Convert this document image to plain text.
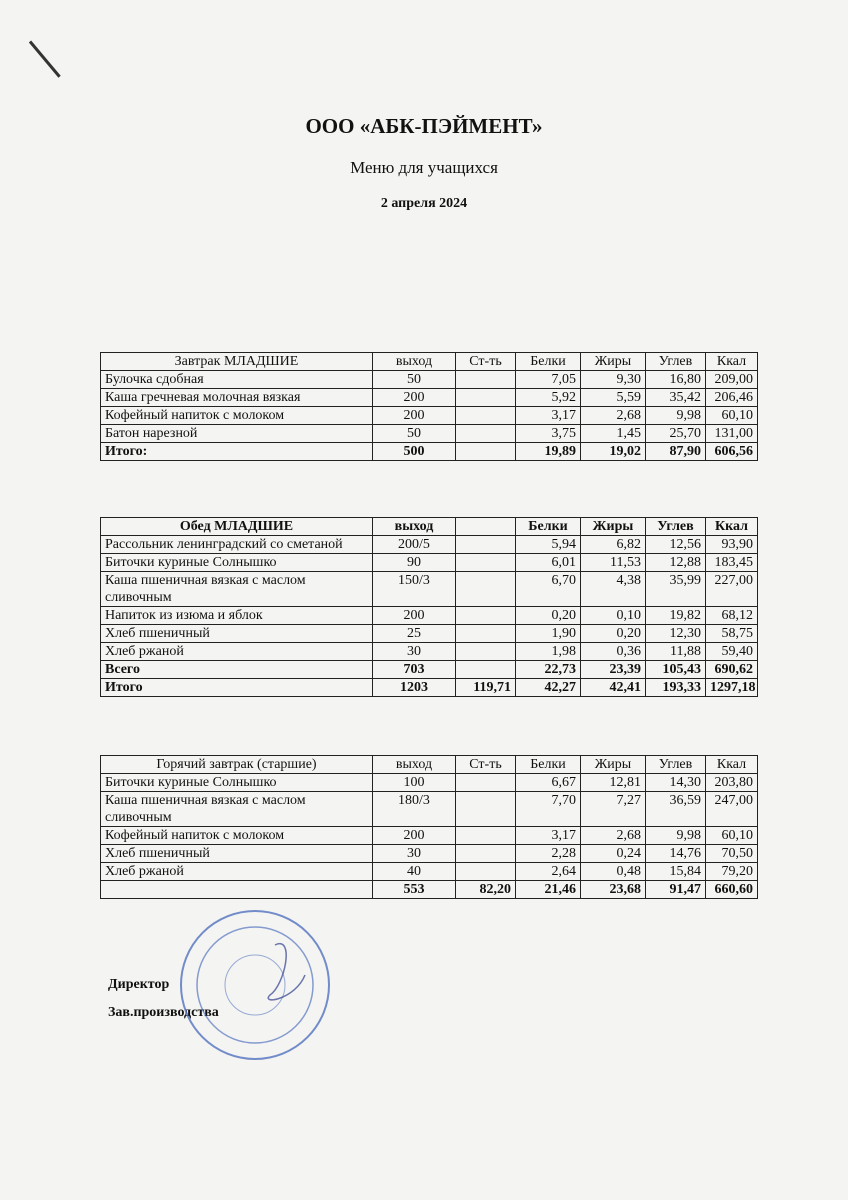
ООО «АБК-ПЭЙМЕНТ»
Меню для учащихся
2 апреля 2024
Завтрак МЛАДШИЕ	выход	Ст-ть	Белки	Жиры	Углев	Ккал
Булочка сдобная	50		7,05	9,30	16,80	209,00
Каша гречневая молочная вязкая	200		5,92	5,59	35,42	206,46
Кофейный напиток с молоком	200		3,17	2,68	9,98	60,10
Батон нарезной	50		3,75	1,45	25,70	131,00
Итого:	500		19,89	19,02	87,90	606,56
Обед МЛАДШИЕ	выход		Белки	Жиры	Углев	Ккал
Рассольник ленинградский со сметаной	200/5		5,94	6,82	12,56	93,90
Биточки куриные Солнышко	90		6,01	11,53	12,88	183,45
Каша пшеничная вязкая с маслом сливочным	150/3		6,70	4,38	35,99	227,00
Напиток из изюма и яблок	200		0,20	0,10	19,82	68,12
Хлеб пшеничный	25		1,90	0,20	12,30	58,75
Хлеб ржаной	30		1,98	0,36	11,88	59,40
Всего	703		22,73	23,39	105,43	690,62
Итого	1203	119,71	42,27	42,41	193,33	1297,18
Горячий завтрак (старшие)	выход	Ст-ть	Белки	Жиры	Углев	Ккал
Биточки куриные Солнышко	100		6,67	12,81	14,30	203,80
Каша пшеничная вязкая с маслом сливочным	180/3		7,70	7,27	36,59	247,00
Кофейный напиток с молоком	200		3,17	2,68	9,98	60,10
Хлеб пшеничный	30		2,28	0,24	14,76	70,50
Хлеб ржаной	40		2,64	0,48	15,84	79,20
	553	82,20	21,46	23,68	91,47	660,60
Директор
Зав.производства
